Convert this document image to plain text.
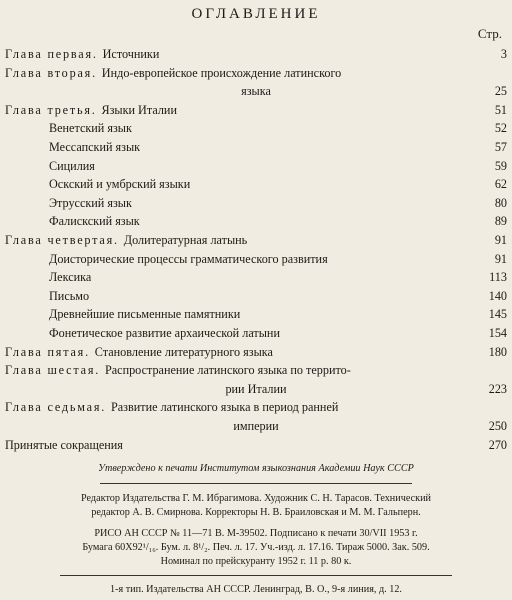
ОГЛАВЛЕНИЕ
Стр.
Глава первая. Источники	3
Глава вторая. Индо-европейское происхождение латинского
языка	25
Глава третья. Языки Италии	51
Венетский язык	52
Мессапский язык	57
Сицилия	59
Оскский и умбрский языки	62
Этрусский язык	80
Фалискский язык	89
Глава четвертая. Долитературная латынь	91
Доисторические процессы грамматического развития	91
Лексика	113
Письмо	140
Древнейшие письменные памятники	145
Фонетическое развитие архаической латыни	154
Глава пятая. Становление литературного языка	180
Глава шестая. Распространение латинского языка по террито-
рии Италии	223
Глава седьмая. Развитие латинского языка в период ранней
империи	250
Принятые сокращения	270
Утверждено к печати Институтом языкознания Академии Наук СССР
Редактор Издательства Г. М. Ибрагимова. Художник С. Н. Тарасов. Технический
редактор А. В. Смирнова. Корректоры Н. В. Браиловская и М. М. Гальперн.
РИСО АН СССР № 11—71 В. М-39502. Подписано к печати 30/VII 1953 г.
Бумага 60X92¹/₁₆. Бум. л. 8¹/₂. Печ. л. 17. Уч.-изд. л. 17.16. Тираж 5000. Зак. 509.
Номинал по прейскуранту 1952 г. 11 р. 80 к.
1-я тип. Издательства АН СССР. Ленинград, В. О., 9-я линия, д. 12.
